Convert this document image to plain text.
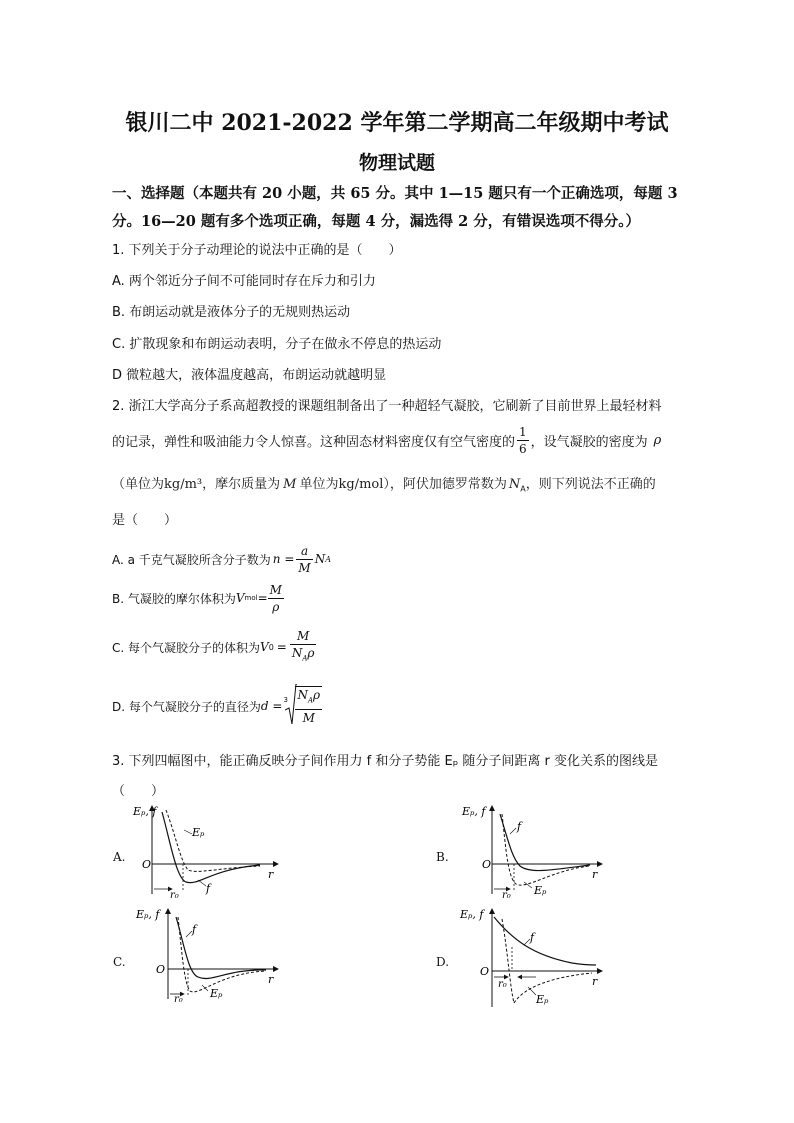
银川二中 2021-2022 学年第二学期高二年级期中考试
物理试题
一、选择题（本题共有 20 小题，共 65 分。其中 1—15 题只有一个正确选项，每题 3
分。16—20 题有多个选项正确，每题 4 分，漏选得 2 分，有错误选项不得分。）
1. 下列关于分子动理论的说法中正确的是（　　）
A. 两个邻近分子间不可能同时存在斥力和引力
B. 布朗运动就是液体分子的无规则热运动
C. 扩散现象和布朗运动表明，分子在做永不停息的热运动
D 微粒越大，液体温度越高，布朗运动就越明显
2. 浙江大学高分子系高超教授的课题组制备出了一种超轻气凝胶，它刷新了目前世界上最轻材料
的记录，弹性和吸油能力令人惊喜。这种固态材料密度仅有空气密度的 $\frac{1}{6}$ ，设气凝胶的密度为 ρ
（单位为kg/m³，摩尔质量为 M 单位为kg/mol），阿伏加德罗常数为 $N_A$，则下列说法不正确的
是（　　）
A. a 千克气凝胶所含分子数为 $n = \frac{a}{M}$ N A
B. 气凝胶的摩尔体积为 V mol = $\frac{M}{\rho}$
C. 每个气凝胶分子的体积为 V $0 = \frac{M}{N_A\rho}$
D. 每个气凝胶分子的直径为 $d = 3 \frac{N_A\rho}{M}$
3. 下列四幅图中，能正确反映分子间作用力 f 和分子势能 Eₚ 随分子间距离 r 变化关系的图线是
（　　）
A.
Eₚ, f
O
r
Eₚ
f
r₀
B.
Eₚ, f
O
r
f
Eₚ
r₀
C.
Eₚ, f
O
r
f
Eₚ
r₀
D.
Eₚ, f
O
r
f
Eₚ
r₀
